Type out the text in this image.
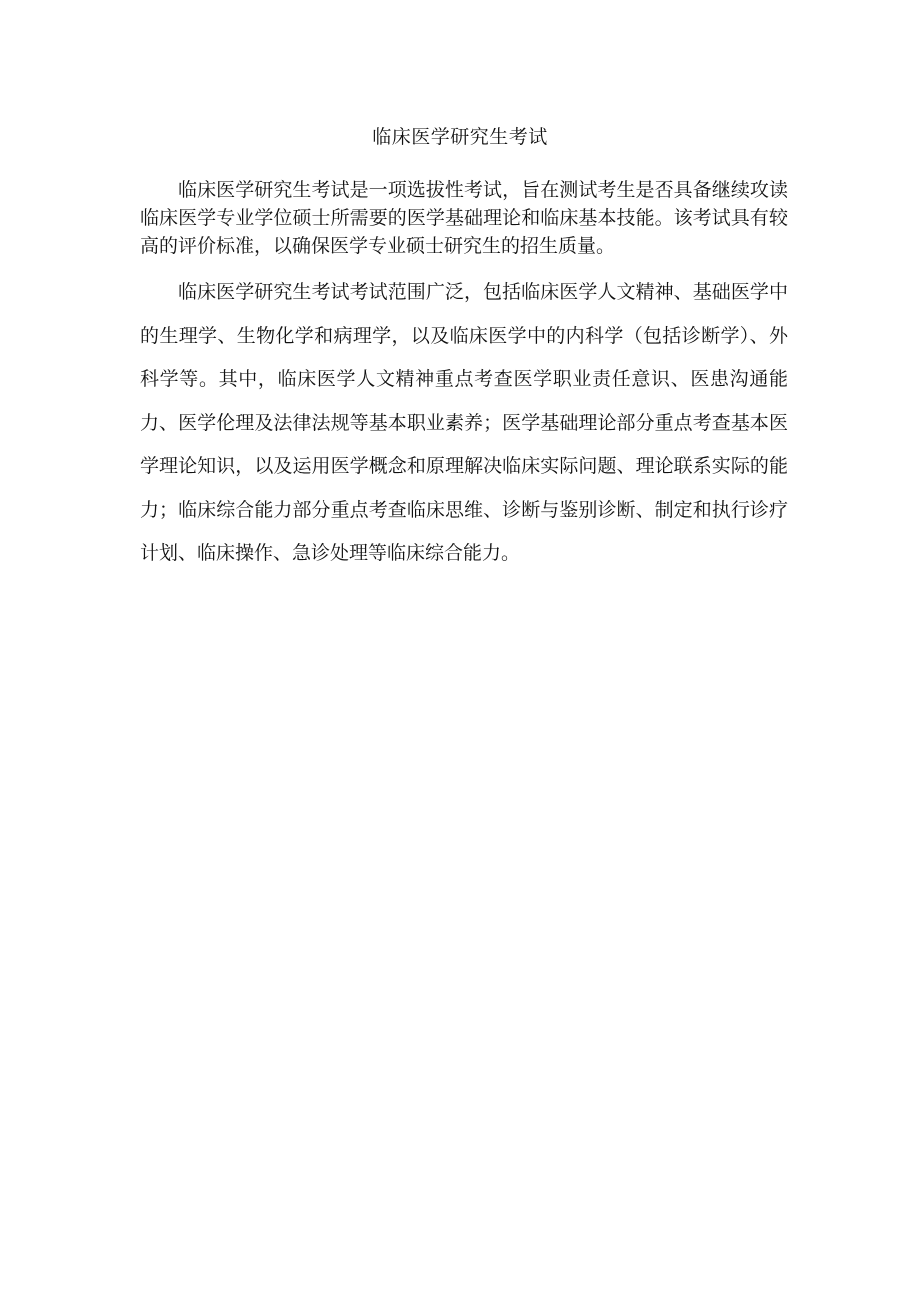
临床医学研究生考试

临床医学研究生考试是一项选拔性考试，旨在测试考生是否具备继续攻读临床医学专业学位硕士所需要的医学基础理论和临床基本技能。该考试具有较高的评价标准，以确保医学专业硕士研究生的招生质量。

临床医学研究生考试考试范围广泛，包括临床医学人文精神、基础医学中的生理学、生物化学和病理学，以及临床医学中的内科学（包括诊断学）、外科学等。其中，临床医学人文精神重点考查医学职业责任意识、医患沟通能力、医学伦理及法律法规等基本职业素养；医学基础理论部分重点考查基本医学理论知识，以及运用医学概念和原理解决临床实际问题、理论联系实际的能力；临床综合能力部分重点考查临床思维、诊断与鉴别诊断、制定和执行诊疗计划、临床操作、急诊处理等临床综合能力。
